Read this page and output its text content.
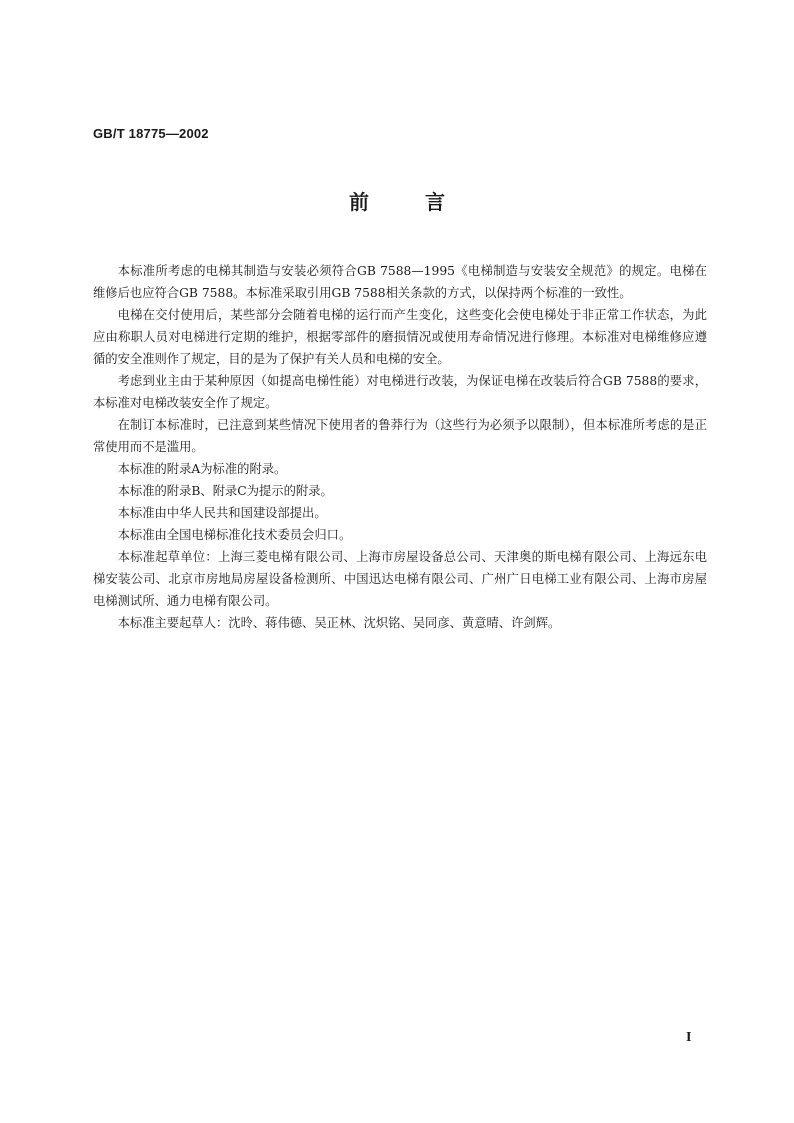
GB/T 18775—2002
前	言

本标准所考虑的电梯其制造与安装必须符合GB 7588—1995《电梯制造与安装安全规范》的规定。电梯在维修后也应符合GB 7588。本标准采取引用GB 7588相关条款的方式，以保持两个标准的一致性。

电梯在交付使用后，某些部分会随着电梯的运行而产生变化，这些变化会使电梯处于非正常工作状态，为此应由称职人员对电梯进行定期的维护，根据零部件的磨损情况或使用寿命情况进行修理。本标准对电梯维修应遵循的安全准则作了规定，目的是为了保护有关人员和电梯的安全。

考虑到业主由于某种原因（如提高电梯性能）对电梯进行改装，为保证电梯在改装后符合GB 7588的要求，本标准对电梯改装安全作了规定。

在制订本标准时，已注意到某些情况下使用者的鲁莽行为（这些行为必须予以限制），但本标准所考虑的是正常使用而不是滥用。

本标准的附录A为标准的附录。

本标准的附录B、附录C为提示的附录。

本标准由中华人民共和国建设部提出。

本标准由全国电梯标准化技术委员会归口。

本标准起草单位：上海三菱电梯有限公司、上海市房屋设备总公司、天津奥的斯电梯有限公司、上海远东电梯安装公司、北京市房地局房屋设备检测所、中国迅达电梯有限公司、广州广日电梯工业有限公司、上海市房屋电梯测试所、通力电梯有限公司。

本标准主要起草人：沈昤、蒋伟德、吴正林、沈炽铭、吴同彦、黄意晴、许剑辉。

I
